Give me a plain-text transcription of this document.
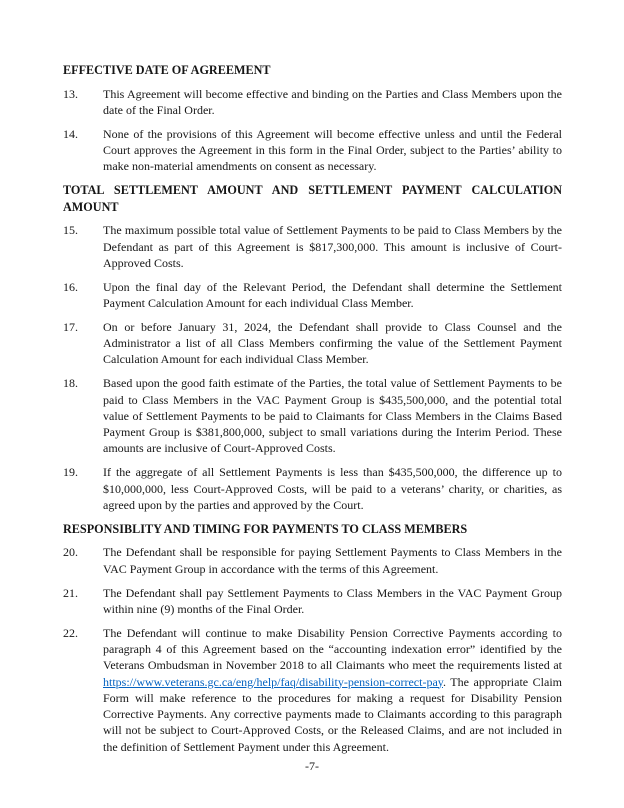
EFFECTIVE DATE OF AGREEMENT
13. This Agreement will become effective and binding on the Parties and Class Members upon the date of the Final Order.
14. None of the provisions of this Agreement will become effective unless and until the Federal Court approves the Agreement in this form in the Final Order, subject to the Parties’ ability to make non-material amendments on consent as necessary.
TOTAL SETTLEMENT AMOUNT AND SETTLEMENT PAYMENT CALCULATION
AMOUNT
15. The maximum possible total value of Settlement Payments to be paid to Class Members by the Defendant as part of this Agreement is $817,300,000. This amount is inclusive of Court-Approved Costs.
16. Upon the final day of the Relevant Period, the Defendant shall determine the Settlement Payment Calculation Amount for each individual Class Member.
17. On or before January 31, 2024, the Defendant shall provide to Class Counsel and the Administrator a list of all Class Members confirming the value of the Settlement Payment Calculation Amount for each individual Class Member.
18. Based upon the good faith estimate of the Parties, the total value of Settlement Payments to be paid to Class Members in the VAC Payment Group is $435,500,000, and the potential total value of Settlement Payments to be paid to Claimants for Class Members in the Claims Based Payment Group is $381,800,000, subject to small variations during the Interim Period. These amounts are inclusive of Court-Approved Costs.
19. If the aggregate of all Settlement Payments is less than $435,500,000, the difference up to $10,000,000, less Court-Approved Costs, will be paid to a veterans’ charity, or charities, as agreed upon by the parties and approved by the Court.
RESPONSIBLITY AND TIMING FOR PAYMENTS TO CLASS MEMBERS
20. The Defendant shall be responsible for paying Settlement Payments to Class Members in the VAC Payment Group in accordance with the terms of this Agreement.
21. The Defendant shall pay Settlement Payments to Class Members in the VAC Payment Group within nine (9) months of the Final Order.
22. The Defendant will continue to make Disability Pension Corrective Payments according to paragraph 4 of this Agreement based on the “accounting indexation error” identified by the Veterans Ombudsman in November 2018 to all Claimants who meet the requirements listed at https://www.veterans.gc.ca/eng/help/faq/disability-pension-correct-pay. The appropriate Claim Form will make reference to the procedures for making a request for Disability Pension Corrective Payments. Any corrective payments made to Claimants according to this paragraph will not be subject to Court-Approved Costs, or the Released Claims, and are not included in the definition of Settlement Payment under this Agreement.
-7-
